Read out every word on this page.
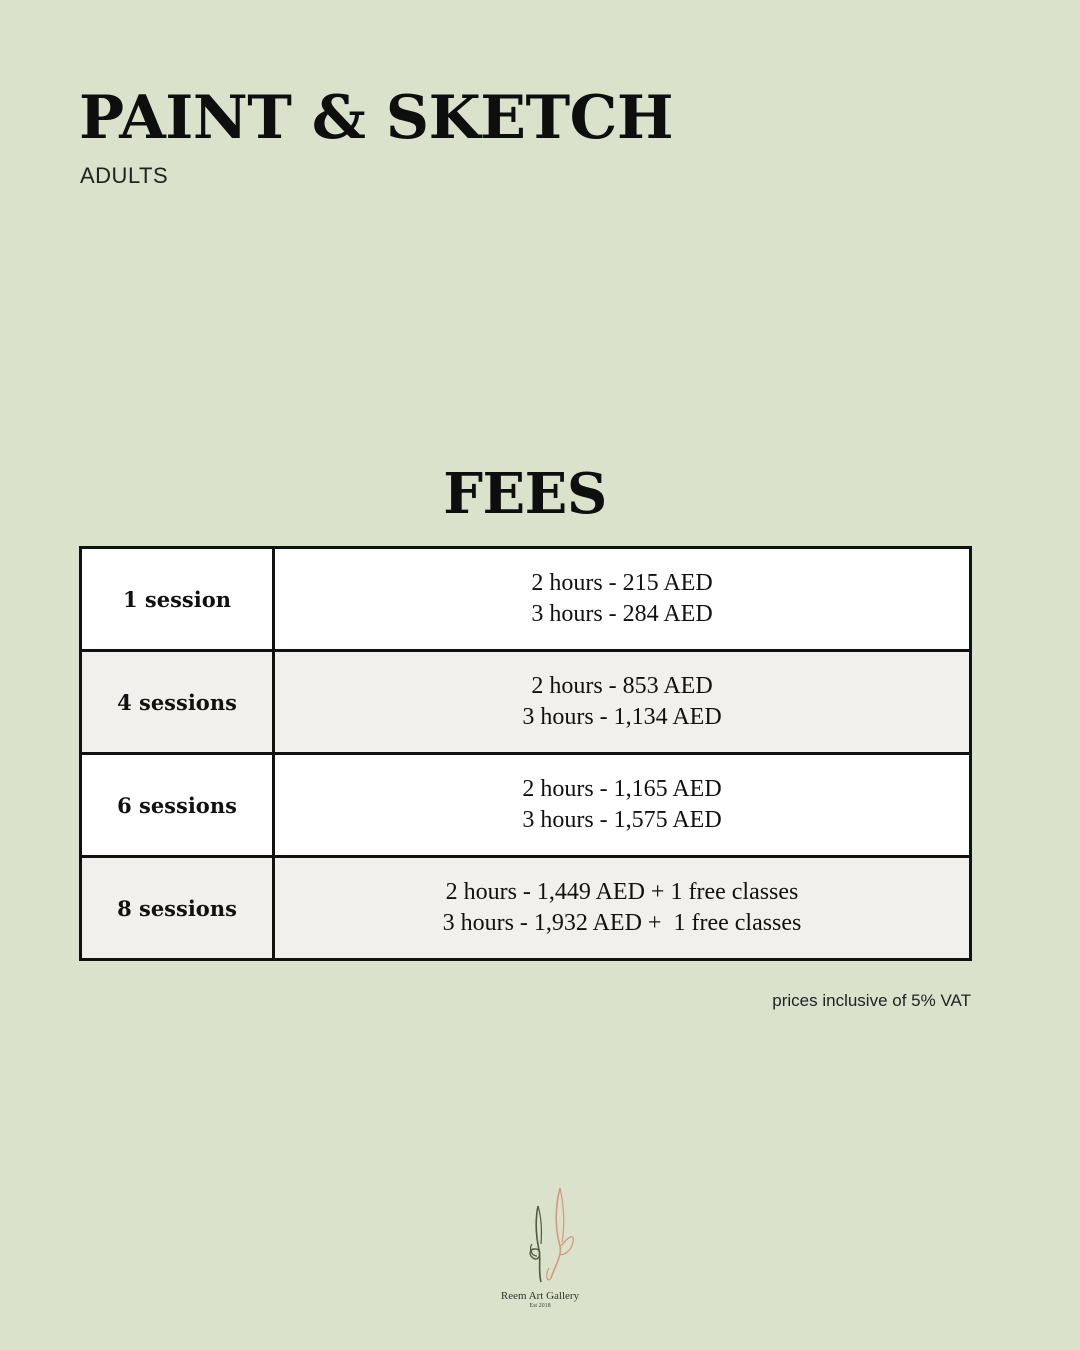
PAINT & SKETCH
ADULTS
FEES
1 session	2 hours - 215 AED
3 hours - 284 AED

4 sessions	2 hours - 853 AED
3 hours - 1,134 AED

6 sessions	2 hours - 1,165 AED
3 hours - 1,575 AED

8 sessions	2 hours - 1,449 AED + 1 free classes
3 hours - 1,932 AED +  1 free classes
prices inclusive of 5% VAT
Reem Art Gallery
Est 2018
